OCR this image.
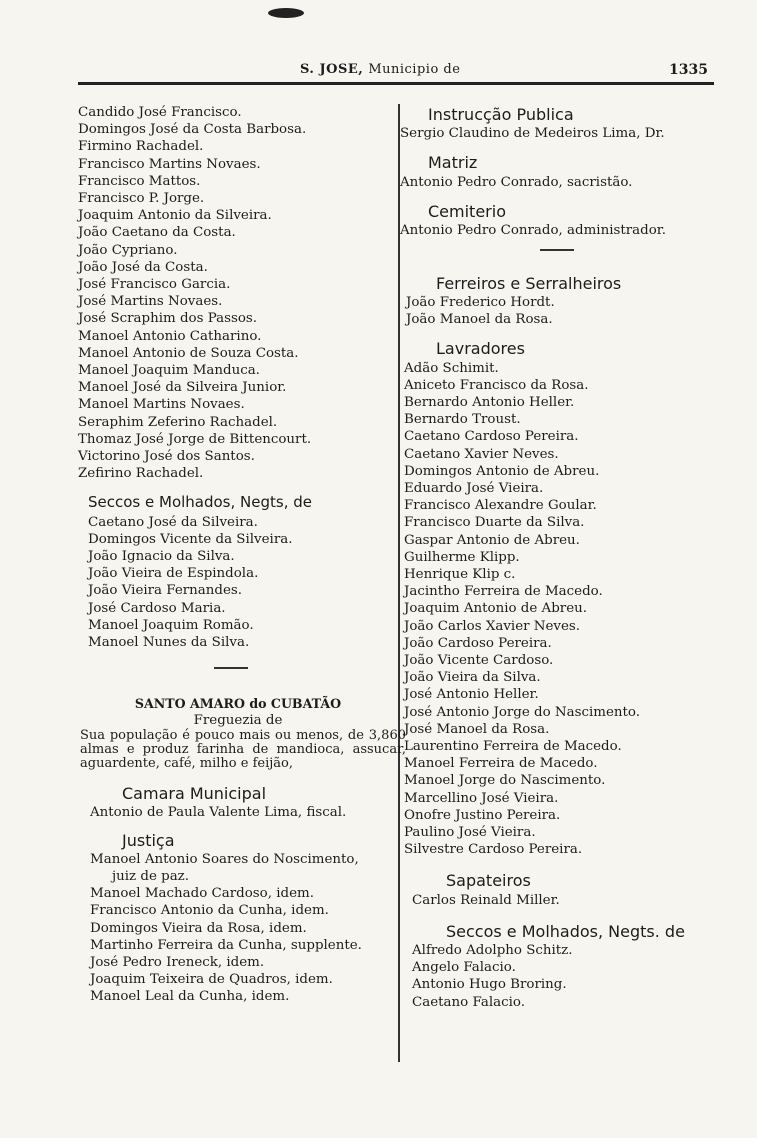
S. JOSE, Municipio de	1335
Candido José Francisco.
Domingos José da Costa Barbosa.
Firmino Rachadel.
Francisco Martins Novaes.
Francisco Mattos.
Francisco P. Jorge.
Joaquim Antonio da Silveira.
João Caetano da Costa.
João Cypriano.
João José da Costa.
José Francisco Garcia.
José Martins Novaes.
José Scraphim dos Passos.
Manoel Antonio Catharino.
Manoel Antonio de Souza Costa.
Manoel Joaquim Manduca.
Manoel José da Silveira Junior.
Manoel Martins Novaes.
Seraphim Zeferino Rachadel.
Thomaz José Jorge de Bittencourt.
Victorino José dos Santos.
Zefirino Rachadel.
Seccos e Molhados, Negts, de
Caetano José da Silveira.
Domingos Vicente da Silveira.
João Ignacio da Silva.
João Vieira de Espindola.
João Vieira Fernandes.
José Cardoso Maria.
Manoel Joaquim Romão.
Manoel Nunes da Silva.
SANTO AMARO do CUBATÃO
Freguezia de
Sua população é pouco mais ou menos, de 3,860 almas e produz farinha de mandioca, assucar, aguardente, café, milho e feijão,
Camara Municipal
Antonio de Paula Valente Lima, fiscal.
Justiça
Manoel Antonio Soares do Noscimento,
juiz de paz.
Manoel Machado Cardoso, idem.
Francisco Antonio da Cunha, idem.
Domingos Vieira da Rosa, idem.
Martinho Ferreira da Cunha, supplente.
José Pedro Ireneck, idem.
Joaquim Teixeira de Quadros, idem.
Manoel Leal da Cunha, idem.
Instrucção Publica
Sergio Claudino de Medeiros Lima, Dr.
Matriz
Antonio Pedro Conrado, sacristão.
Cemiterio
Antonio Pedro Conrado, administrador.
Ferreiros e Serralheiros
João Frederico Hordt.
João Manoel da Rosa.
Lavradores
Adão Schimit.
Aniceto Francisco da Rosa.
Bernardo Antonio Heller.
Bernardo Troust.
Caetano Cardoso Pereira.
Caetano Xavier Neves.
Domingos Antonio de Abreu.
Eduardo José Vieira.
Francisco Alexandre Goular.
Francisco Duarte da Silva.
Gaspar Antonio de Abreu.
Guilherme Klipp.
Henrique Klip c.
Jacintho Ferreira de Macedo.
Joaquim Antonio de Abreu.
João Carlos Xavier Neves.
João Cardoso Pereira.
João Vicente Cardoso.
João Vieira da Silva.
José Antonio Heller.
José Antonio Jorge do Nascimento.
José Manoel da Rosa.
Laurentino Ferreira de Macedo.
Manoel Ferreira de Macedo.
Manoel Jorge do Nascimento.
Marcellino José Vieira.
Onofre Justino Pereira.
Paulino José Vieira.
Silvestre Cardoso Pereira.
Sapateiros
Carlos Reinald Miller.
Seccos e Molhados, Negts. de
Alfredo Adolpho Schitz.
Angelo Falacio.
Antonio Hugo Broring.
Caetano Falacio.
